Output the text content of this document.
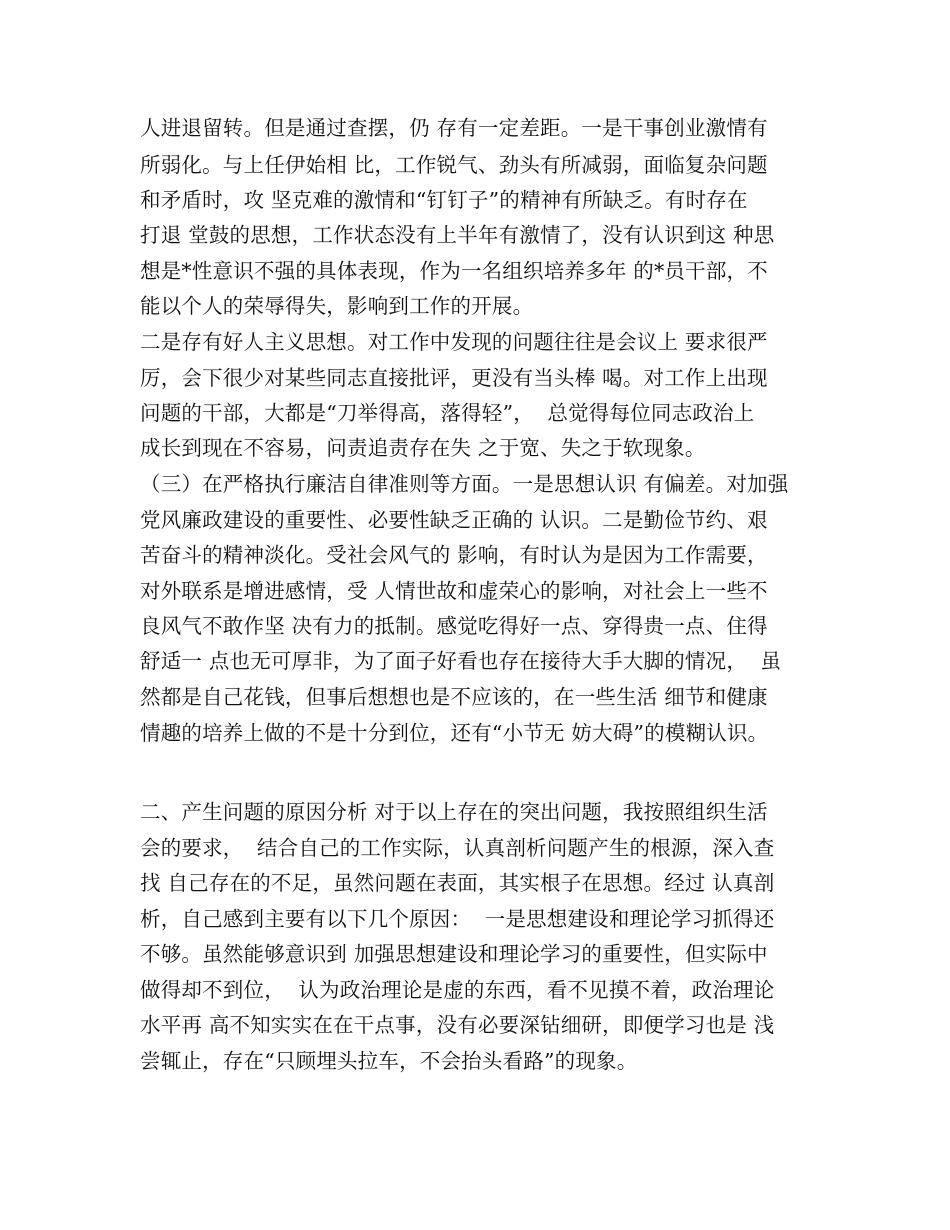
人进退留转。但是通过查摆，仍 存有一定差距。一是干事创业激情有
所弱化。与上任伊始相 比，工作锐气、劲头有所减弱，面临复杂问题
和矛盾时，攻 坚克难的激情和“钉钉子”的精神有所缺乏。有时存在
打退 堂鼓的思想，工作状态没有上半年有激情了，没有认识到这 种思
想是*性意识不强的具体表现，作为一名组织培养多年 的*员干部，不
能以个人的荣辱得失，影响到工作的开展。
二是存有好人主义思想。对工作中发现的问题往往是会议上 要求很严
厉，会下很少对某些同志直接批评，更没有当头棒 喝。对工作上出现
问题的干部，大都是“刀举得高，落得轻”，  总觉得每位同志政治上
成长到现在不容易，问责追责存在失 之于宽、失之于软现象。
（三）在严格执行廉洁自律准则等方面。一是思想认识 有偏差。对加强
党风廉政建设的重要性、必要性缺乏正确的 认识。二是勤俭节约、艰
苦奋斗的精神淡化。受社会风气的 影响，有时认为是因为工作需要，
对外联系是增进感情，受 人情世故和虚荣心的影响，对社会上一些不
良风气不敢作坚 决有力的抵制。感觉吃得好一点、穿得贵一点、住得
舒适一 点也无可厚非，为了面子好看也存在接待大手大脚的情况，  虽
然都是自己花钱，但事后想想也是不应该的，在一些生活 细节和健康
情趣的培养上做的不是十分到位，还有“小节无 妨大碍”的模糊认识。
二、产生问题的原因分析 对于以上存在的突出问题，我按照组织生活
会的要求，  结合自己的工作实际，认真剖析问题产生的根源，深入查
找 自己存在的不足，虽然问题在表面，其实根子在思想。经过 认真剖
析，自己感到主要有以下几个原因：  一是思想建设和理论学习抓得还
不够。虽然能够意识到 加强思想建设和理论学习的重要性，但实际中
做得却不到位，  认为政治理论是虚的东西，看不见摸不着，政治理论
水平再 高不知实实在在干点事，没有必要深钻细研，即便学习也是 浅
尝辄止，存在“只顾埋头拉车，不会抬头看路”的现象。
